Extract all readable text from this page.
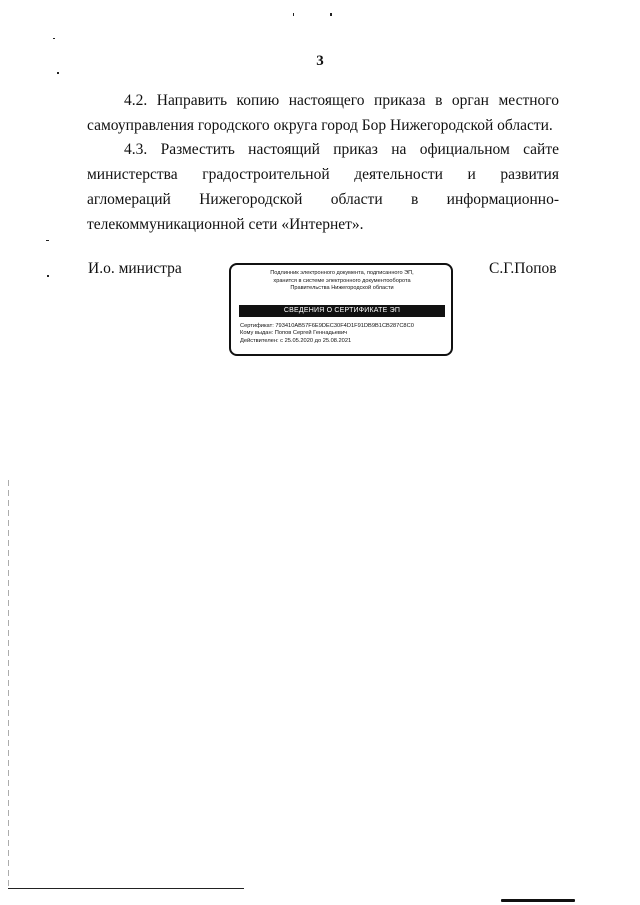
3

4.2. Направить копию настоящего приказа в орган местного самоуправления городского округа город Бор Нижегородской области.

4.3. Разместить настоящий приказ на официальном сайте министерства градостроительной деятельности и развития агломераций Нижегородской области в информационно-телекоммуникационной сети «Интернет».

И.о. министра	С.Г.Попов
Подлинник электронного документа, подписанного ЭП,
хранится в системе электронного документооборота
Правительства Нижегородской области
СВЕДЕНИЯ О СЕРТИФИКАТЕ ЭП
Сертификат: 793410AB57F6E9DEC30F4D1F91DB9B1CB287C8C0
Кому выдан: Попов Сергей Геннадьевич
Действителен: с 25.05.2020 до 25.08.2021
